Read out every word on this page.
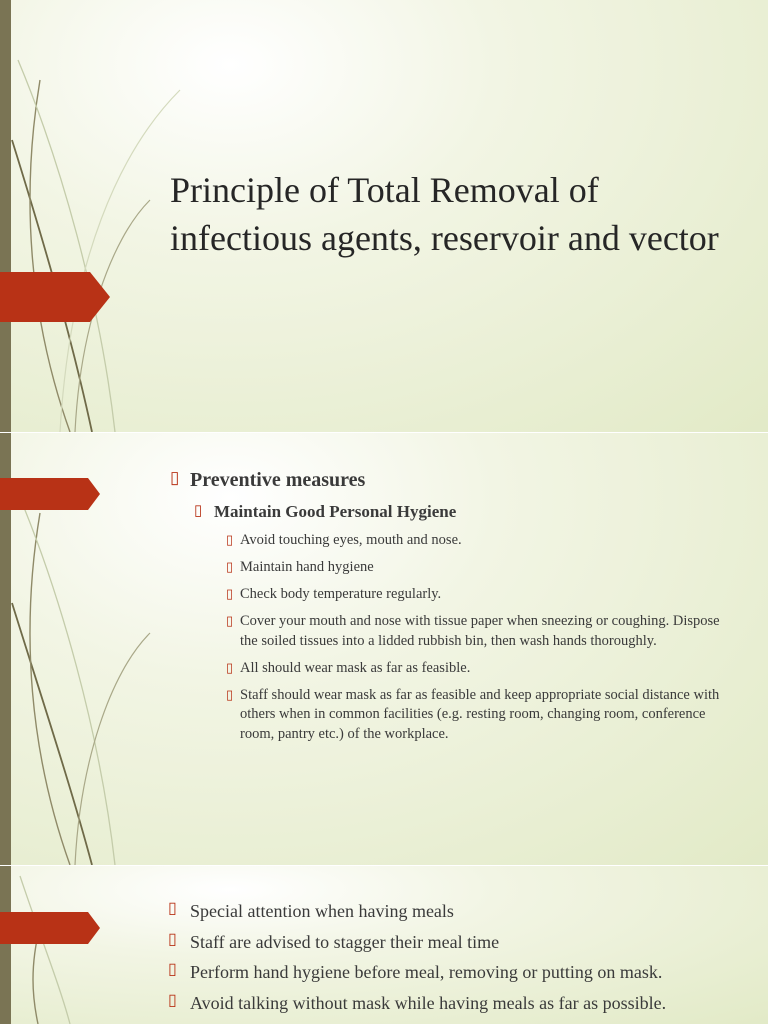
Principle of Total Removal of infectious agents, reservoir and vector
▯ Preventive measures
▯ Maintain Good Personal Hygiene
▯ Avoid touching eyes, mouth and nose.
▯ Maintain hand hygiene
▯ Check body temperature regularly.
▯ Cover your mouth and nose with tissue paper when sneezing or coughing. Dispose the soiled tissues into a lidded rubbish bin, then wash hands thoroughly.
▯ All should wear mask as far as feasible.
▯ Staff should wear mask as far as feasible and keep appropriate social distance with others when in common facilities (e.g. resting room, changing room, conference room, pantry etc.) of the workplace.
▯ Special attention when having meals
▯ Staff are advised to stagger their meal time
▯ Perform hand hygiene before meal, removing or putting on mask.
▯ Avoid talking without mask while having meals as far as possible.
